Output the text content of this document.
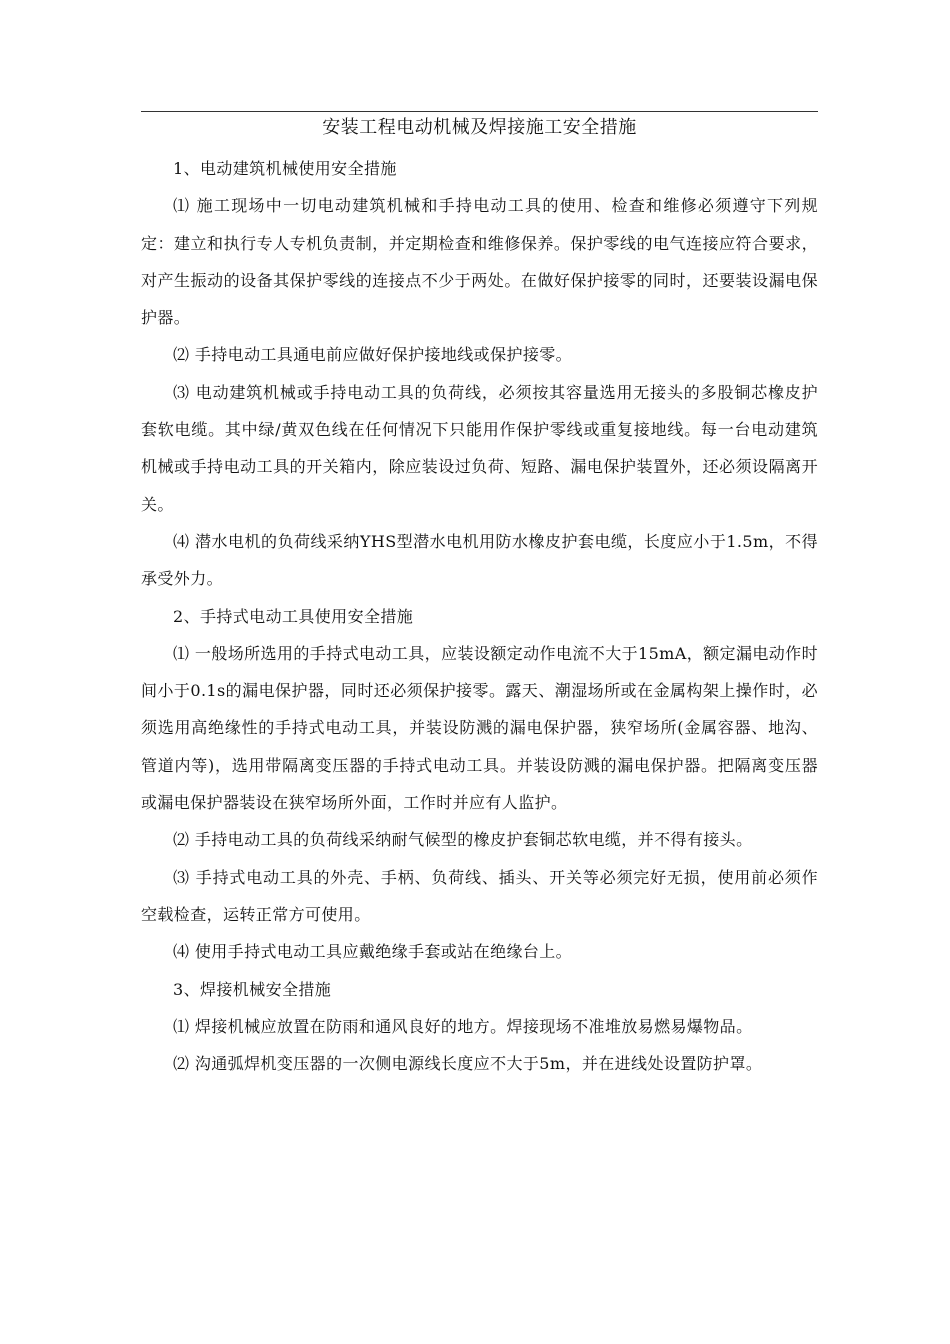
安装工程电动机械及焊接施工安全措施

1、电动建筑机械使用安全措施

⑴ 施工现场中一切电动建筑机械和手持电动工具的使用、检查和维修必须遵守下列规定：建立和执行专人专机负责制，并定期检查和维修保养。保护零线的电气连接应符合要求，对产生振动的设备其保护零线的连接点不少于两处。在做好保护接零的同时，还要装设漏电保护器。

⑵ 手持电动工具通电前应做好保护接地线或保护接零。

⑶ 电动建筑机械或手持电动工具的负荷线，必须按其容量选用无接头的多股铜芯橡皮护套软电缆。其中绿/黄双色线在任何情况下只能用作保护零线或重复接地线。每一台电动建筑机械或手持电动工具的开关箱内，除应装设过负荷、短路、漏电保护装置外，还必须设隔离开关。

⑷ 潜水电机的负荷线采纳YHS型潜水电机用防水橡皮护套电缆，长度应小于1.5m，不得承受外力。

2、手持式电动工具使用安全措施

⑴ 一般场所选用的手持式电动工具，应装设额定动作电流不大于15mA，额定漏电动作时间小于0.1s的漏电保护器，同时还必须保护接零。露天、潮湿场所或在金属构架上操作时，必须选用高绝缘性的手持式电动工具，并装设防溅的漏电保护器，狭窄场所(金属容器、地沟、管道内等)，选用带隔离变压器的手持式电动工具。并装设防溅的漏电保护器。把隔离变压器或漏电保护器装设在狭窄场所外面，工作时并应有人监护。

⑵ 手持电动工具的负荷线采纳耐气候型的橡皮护套铜芯软电缆，并不得有接头。

⑶ 手持式电动工具的外壳、手柄、负荷线、插头、开关等必须完好无损，使用前必须作空载检查，运转正常方可使用。

⑷ 使用手持式电动工具应戴绝缘手套或站在绝缘台上。

3、焊接机械安全措施

⑴ 焊接机械应放置在防雨和通风良好的地方。焊接现场不准堆放易燃易爆物品。

⑵ 沟通弧焊机变压器的一次侧电源线长度应不大于5m，并在进线处设置防护罩。
